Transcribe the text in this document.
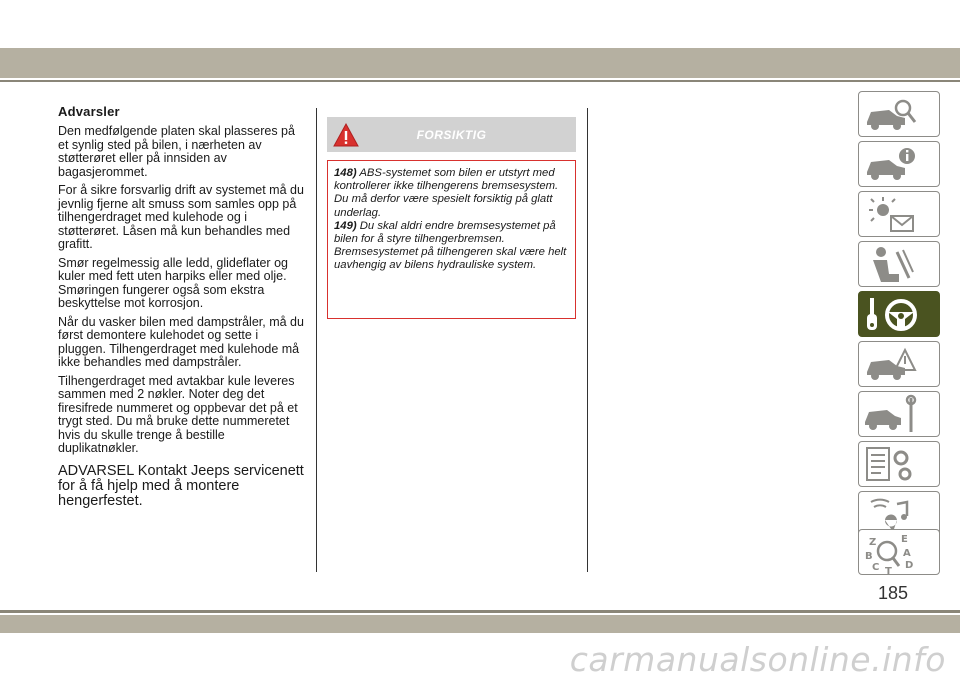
Advarsler

Den medfølgende platen skal plasseres på et synlig sted på bilen, i nærheten av støtterøret eller på innsiden av bagasjerommet.

For å sikre forsvarlig drift av systemet må du jevnlig fjerne alt smuss som samles opp på tilhengerdraget med kulehode og i støtterøret. Låsen må kun behandles med grafitt.

Smør regelmessig alle ledd, glideflater og kuler med fett uten harpiks eller med olje. Smøringen fungerer også som ekstra beskyttelse mot korrosjon.

Når du vasker bilen med dampstråler, må du først demontere kulehodet og sette i pluggen. Tilhengerdraget med kulehode må ikke behandles med dampstråler.

Tilhengerdraget med avtakbar kule leveres sammen med 2 nøkler. Noter deg det firesifrede nummeret og oppbevar det på et trygt sted. Du må bruke dette nummeretet hvis du skulle trenge å bestille duplikatnøkler.

ADVARSEL Kontakt Jeeps servicenett for å få hjelp med å montere hengerfestet.

FORSIKTIG

148) ABS-systemet som bilen er utstyrt med kontrollerer ikke tilhengerens bremsesystem. Du må derfor være spesielt forsiktig på glatt underlag.

149) Du skal aldri endre bremsesystemet på bilen for å styre tilhengerbremsen. Bremsesystemet på tilhengeren skal være helt uavhengig av bilens hydrauliske system.

Z E
B	A
C	D
T
185
carmanualsonline.info
